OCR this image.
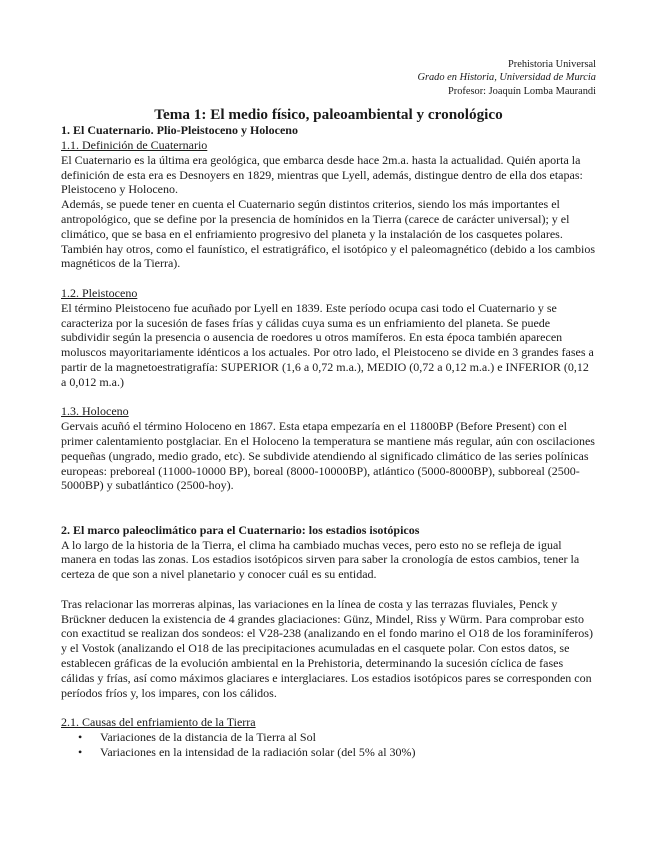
Prehistoria Universal
Grado en Historia, Universidad de Murcia
Profesor: Joaquín Lomba Maurandi
Tema 1: El medio físico, paleoambiental y cronológico

1. El Cuaternario. Plio-Pleistoceno y Holoceno

1.1. Definición de Cuaternario

El Cuaternario es la última era geológica, que embarca desde hace 2m.a. hasta la actualidad. Quién aporta la definición de esta era es Desnoyers en 1829, mientras que Lyell, además, distingue dentro de ella dos etapas: Pleistoceno y Holoceno.

Además, se puede tener en cuenta el Cuaternario según distintos criterios, siendo los más importantes el antropológico, que se define por la presencia de homínidos en la Tierra (carece de carácter universal); y el climático, que se basa en el enfriamiento progresivo del planeta y la instalación de los casquetes polares. También hay otros, como el faunístico, el estratigráfico, el isotópico y el paleomagnético (debido a los cambios magnéticos de la Tierra).

1.2. Pleistoceno

El término Pleistoceno fue acuñado por Lyell en 1839. Este período ocupa casi todo el Cuaternario y se caracteriza por la sucesión de fases frías y cálidas cuya suma es un enfriamiento del planeta. Se puede subdividir según la presencia o ausencia de roedores u otros mamíferos. En esta época también aparecen moluscos mayoritariamente idénticos a los actuales. Por otro lado, el Pleistoceno se divide en 3 grandes fases a partir de la magnetoestratigrafía: SUPERIOR (1,6 a 0,72 m.a.), MEDIO (0,72 a 0,12 m.a.) e INFERIOR (0,12 a 0,012 m.a.)

1.3. Holoceno

Gervais acuñó el término Holoceno en 1867. Esta etapa empezaría en el 11800BP (Before Present) con el primer calentamiento postglaciar. En el Holoceno la temperatura se mantiene más regular, aún con oscilaciones pequeñas (ungrado, medio grado, etc). Se subdivide atendiendo al significado climático de las series polínicas europeas: preboreal (11000-10000 BP), boreal (8000-10000BP), atlántico (5000-8000BP), subboreal (2500-5000BP) y subatlántico (2500-hoy).

2. El marco paleoclimático para el Cuaternario: los estadios isotópicos

A lo largo de la historia de la Tierra, el clima ha cambiado muchas veces, pero esto no se refleja de igual manera en todas las zonas. Los estadios isotópicos sirven para saber la cronología de estos cambios, tener la certeza de que son a nivel planetario y conocer cuál es su entidad.

Tras relacionar las morreras alpinas, las variaciones en la línea de costa y las terrazas fluviales, Penck y Brückner deducen la existencia de 4 grandes glaciaciones: Günz, Mindel, Riss y Würm. Para comprobar esto con exactitud se realizan dos sondeos: el V28-238 (analizando en el fondo marino el O18 de los foraminíferos) y el Vostok (analizando el O18 de las precipitaciones acumuladas en el casquete polar. Con estos datos, se establecen gráficas de la evolución ambiental en la Prehistoria, determinando la sucesión cíclica de fases cálidas y frías, así como máximos glaciares e interglaciares. Los estadios isotópicos pares se corresponden con períodos fríos y, los impares, con los cálidos.

2.1. Causas del enfriamiento de la Tierra

• Variaciones de la distancia de la Tierra al Sol
• Variaciones en la intensidad de la radiación solar (del 5% al 30%)
